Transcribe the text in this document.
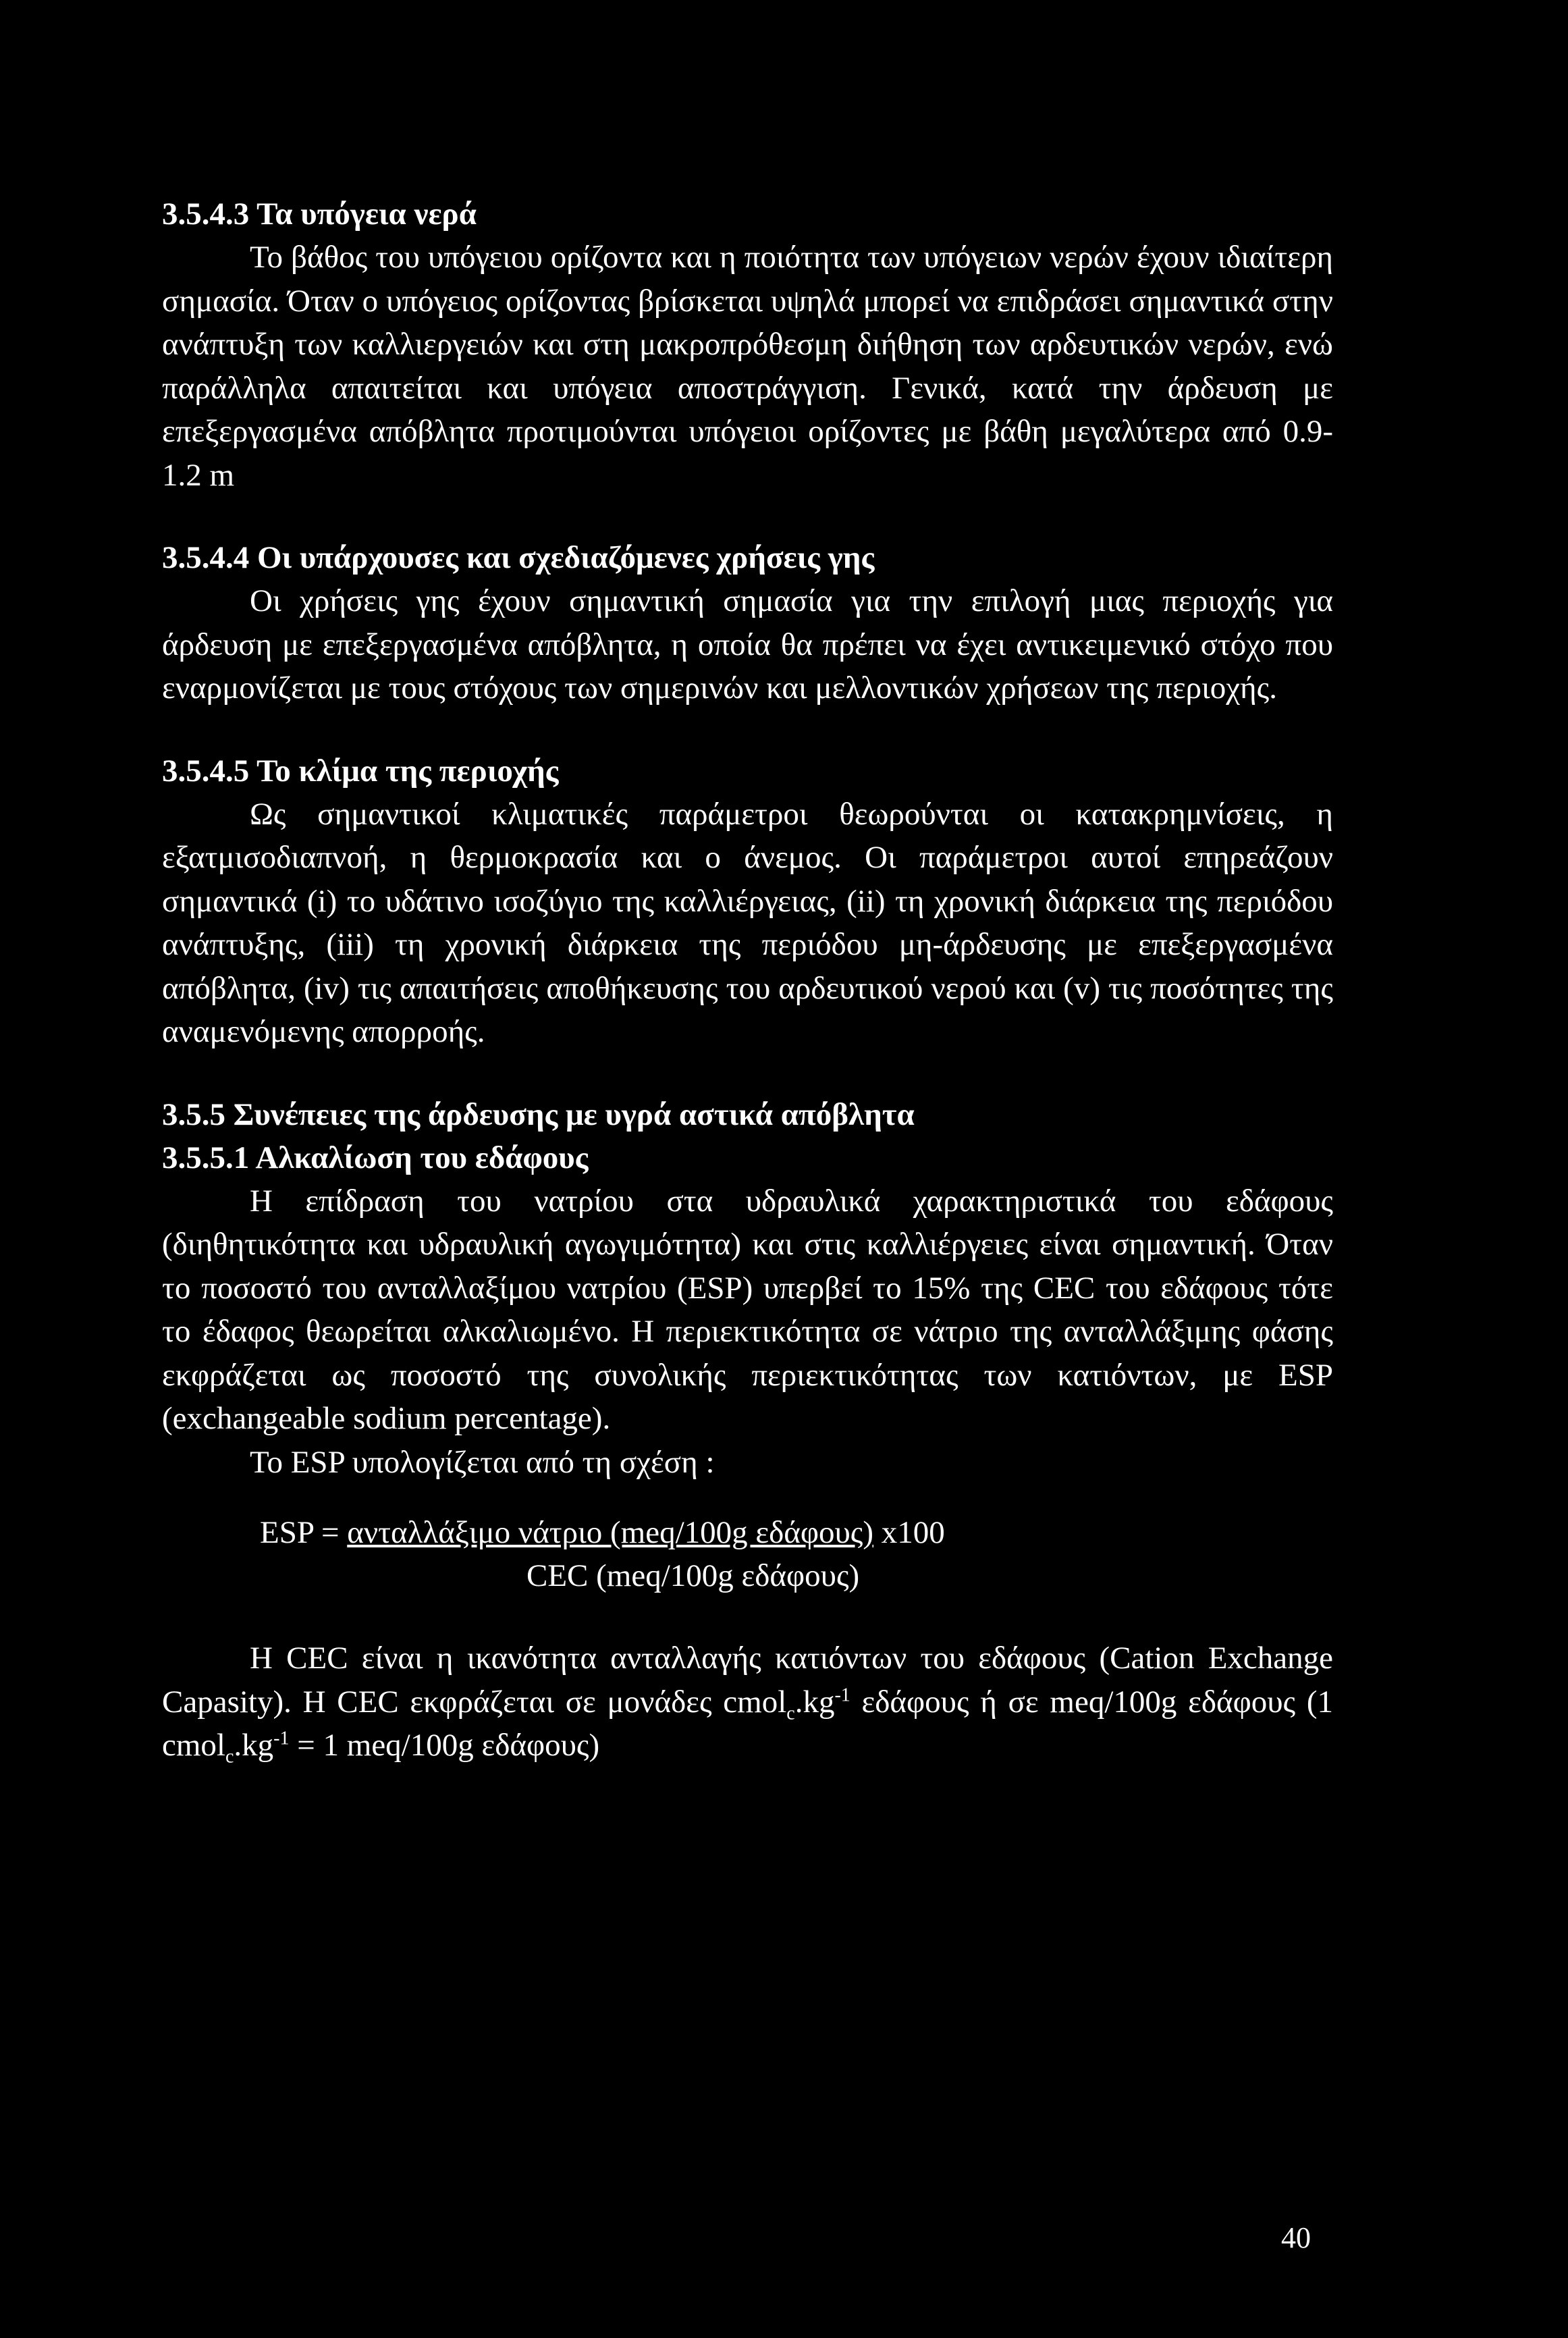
3.5.4.3 Τα υπόγεια νερά

Το βάθος του υπόγειου ορίζοντα και η ποιότητα των υπόγειων νερών έχουν ιδιαίτερη σημασία. Όταν ο υπόγειος ορίζοντας βρίσκεται υψηλά μπορεί να επιδράσει σημαντικά στην ανάπτυξη των καλλιεργειών και στη μακροπρόθεσμη διήθηση των αρδευτικών νερών, ενώ παράλληλα απαιτείται και υπόγεια αποστράγγιση. Γενικά, κατά την άρδευση με επεξεργασμένα απόβλητα προτιμούνται υπόγειοι ορίζοντες με βάθη μεγαλύτερα από 0.9-1.2 m

3.5.4.4 Οι υπάρχουσες και σχεδιαζόμενες χρήσεις γης

Οι χρήσεις γης έχουν σημαντική σημασία για την επιλογή μιας περιοχής για άρδευση με επεξεργασμένα απόβλητα, η οποία θα πρέπει να έχει αντικειμενικό στόχο που εναρμονίζεται με τους στόχους των σημερινών και μελλοντικών χρήσεων της περιοχής.

3.5.4.5 Το κλίμα της περιοχής

Ως σημαντικοί κλιματικές παράμετροι θεωρούνται οι κατακρημνίσεις, η εξατμισοδιαπνοή, η θερμοκρασία και ο άνεμος. Οι παράμετροι αυτοί επηρεάζουν σημαντικά (i) το υδάτινο ισοζύγιο της καλλιέργειας, (ii) τη χρονική διάρκεια της περιόδου ανάπτυξης, (iii) τη χρονική διάρκεια της περιόδου μη-άρδευσης με επεξεργασμένα απόβλητα, (iv) τις απαιτήσεις αποθήκευσης του αρδευτικού νερού και (v) τις ποσότητες της αναμενόμενης απορροής.

3.5.5 Συνέπειες της άρδευσης με υγρά αστικά απόβλητα
3.5.5.1 Αλκαλίωση του εδάφους

Η επίδραση του νατρίου στα υδραυλικά χαρακτηριστικά του εδάφους (διηθητικότητα και υδραυλική αγωγιμότητα) και στις καλλιέργειες είναι σημαντική. Όταν το ποσοστό του ανταλλαξίμου νατρίου (ESP) υπερβεί το 15% της CEC του εδάφους τότε το έδαφος θεωρείται αλκαλιωμένο. Η περιεκτικότητα σε νάτριο της ανταλλάξιμης φάσης εκφράζεται ως ποσοστό της συνολικής περιεκτικότητας των κατιόντων, με ESP (exchangeable sodium percentage).

Το ESP υπολογίζεται από τη σχέση :

ESP = ανταλλάξιμο νάτριο (meq/100g εδάφους) x100
CEC (meq/100g εδάφους)

Η CEC είναι η ικανότητα ανταλλαγής κατιόντων του εδάφους (Cation Exchange Capasity). Η CEC εκφράζεται σε μονάδες $cmol_c.kg^{-1}$ εδάφους ή σε meq/100g εδάφους (1 $cmol_c.kg^{-1} = 1$ meq/100g εδάφους)

40
